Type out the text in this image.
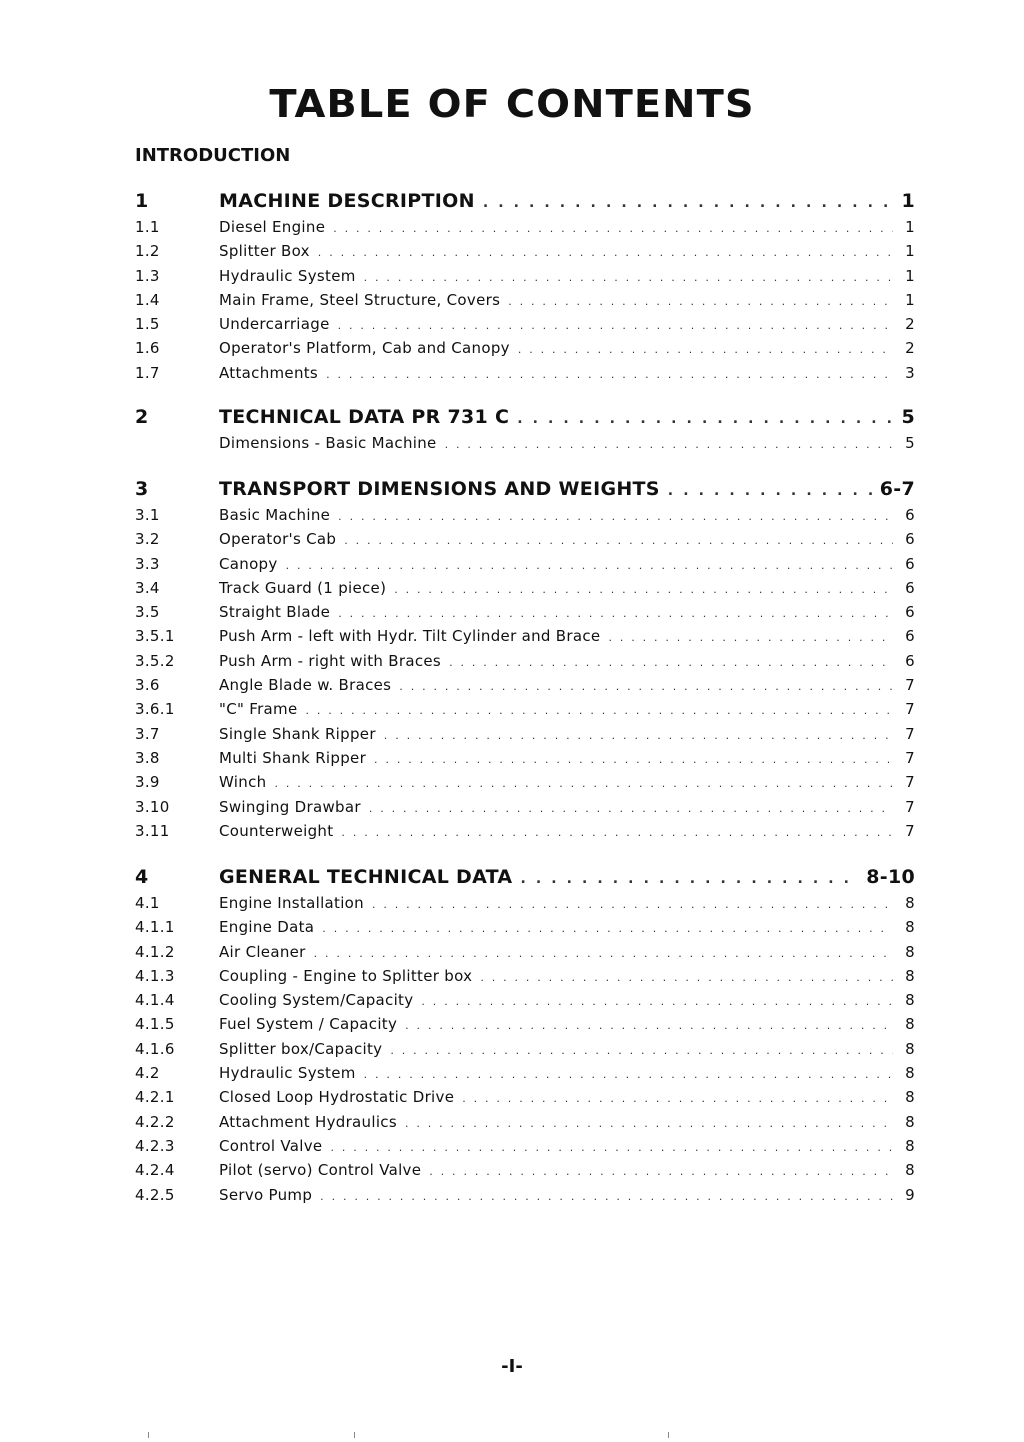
TABLE OF CONTENTS
INTRODUCTION
1	MACHINE DESCRIPTION . . .	1
1.1	Diesel Engine . . .	1
1.2	Splitter Box . . .	1
1.3	Hydraulic System . . .	1
1.4	Main Frame, Steel Structure, Covers . . .	1
1.5	Undercarriage . . .	2
1.6	Operator's Platform, Cab and Canopy . . .	2
1.7	Attachments . . .	3
2	TECHNICAL DATA PR 731 C . . .	5
Dimensions - Basic Machine . . .	5
3	TRANSPORT DIMENSIONS AND WEIGHTS . . .	6-7
3.1	Basic Machine . . .	6
3.2	Operator's Cab . . .	6
3.3	Canopy . . .	6
3.4	Track Guard (1 piece) . . .	6
3.5	Straight Blade . . .	6
3.5.1	Push Arm - left with Hydr. Tilt Cylinder and Brace . . .	6
3.5.2	Push Arm - right with Braces . . .	6
3.6	Angle Blade w. Braces . . .	7
3.6.1	"C" Frame . . .	7
3.7	Single Shank Ripper . . .	7
3.8	Multi Shank Ripper . . .	7
3.9	Winch . . .	7
3.10	Swinging Drawbar . . .	7
3.11	Counterweight . . .	7
4	GENERAL TECHNICAL DATA . . .	8-10
4.1	Engine Installation . . .	8
4.1.1	Engine Data . . .	8
4.1.2	Air Cleaner . . .	8
4.1.3	Coupling - Engine to Splitter box . . .	8
4.1.4	Cooling System/Capacity . . .	8
4.1.5	Fuel System / Capacity . . .	8
4.1.6	Splitter box/Capacity . . .	8
4.2	Hydraulic System . . .	8
4.2.1	Closed Loop Hydrostatic Drive . . .	8
4.2.2	Attachment Hydraulics . . .	8
4.2.3	Control Valve . . .	8
4.2.4	Pilot (servo) Control Valve . . .	8
4.2.5	Servo Pump . . .	9
-I-
